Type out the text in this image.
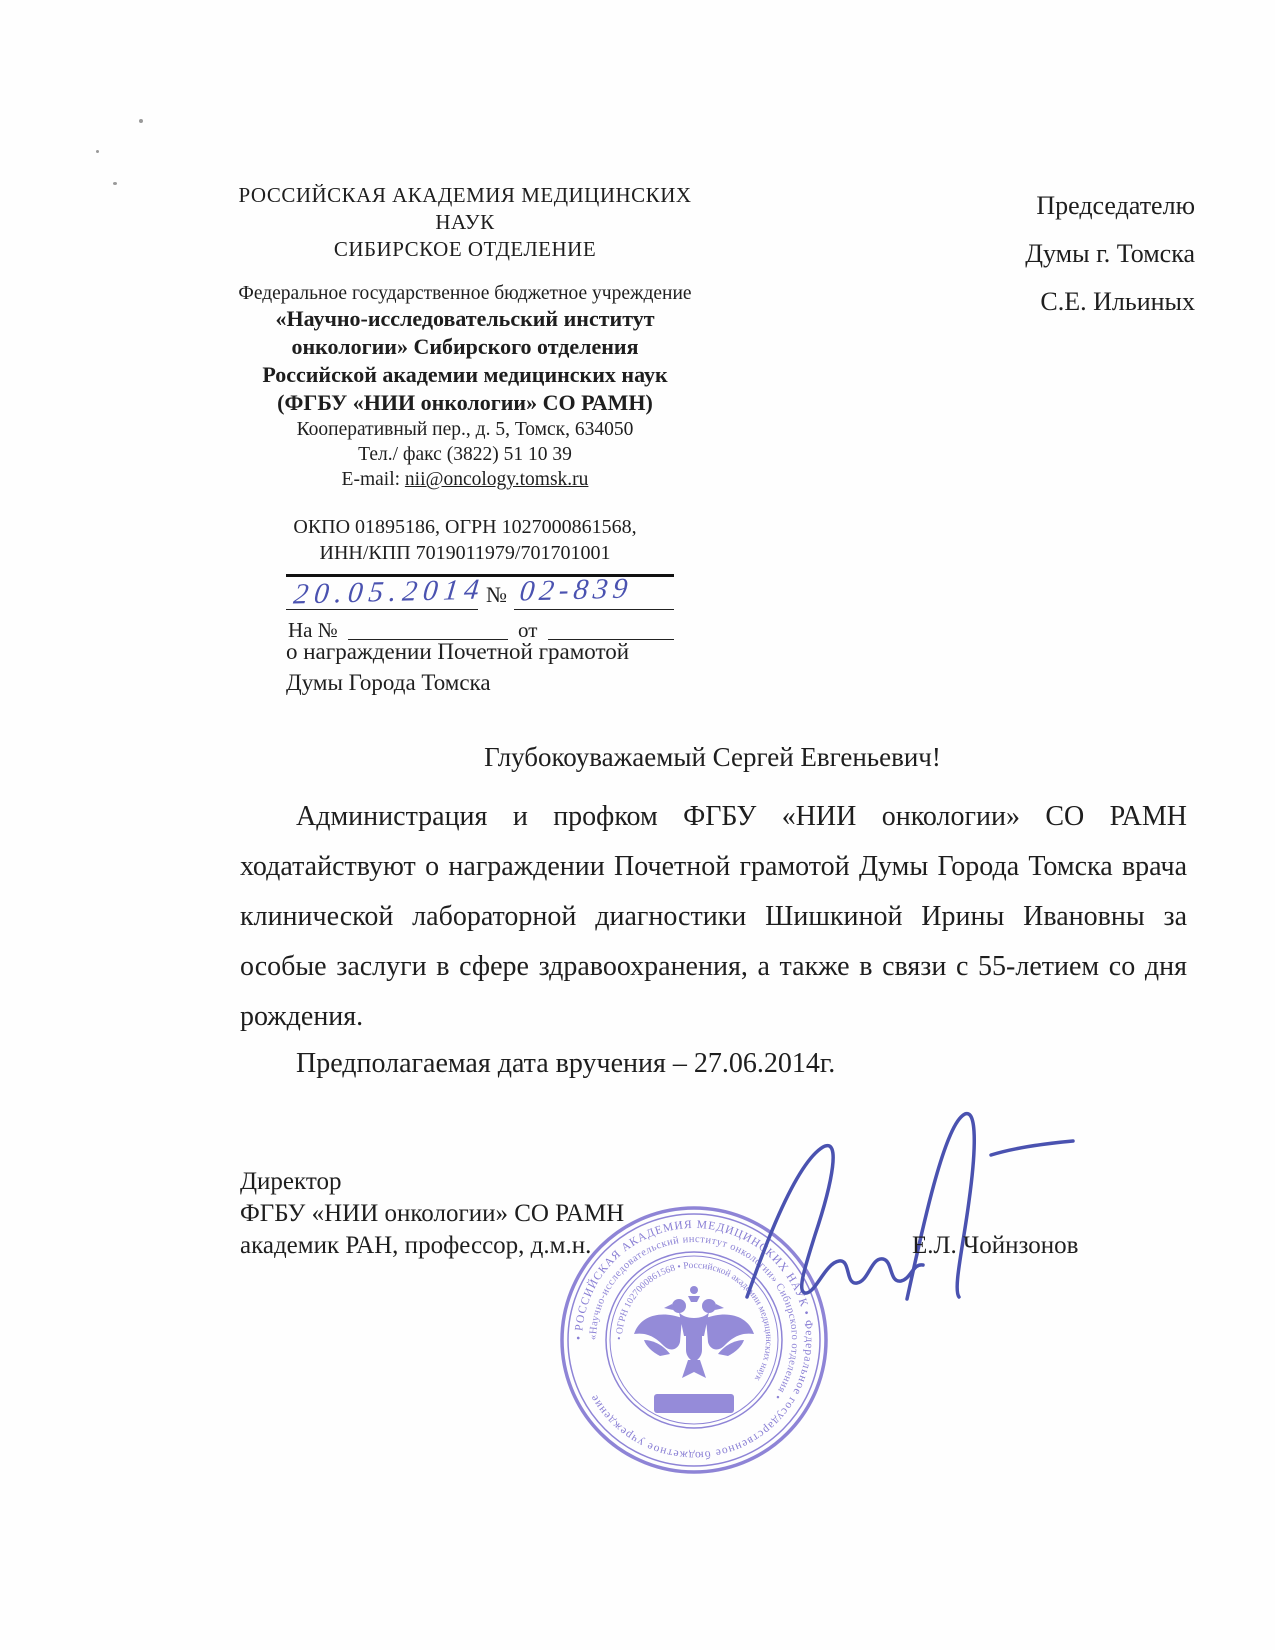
РОССИЙСКАЯ АКАДЕМИЯ МЕДИЦИНСКИХ НАУК
СИБИРСКОЕ ОТДЕЛЕНИЕ
Федеральное государственное бюджетное учреждение
«Научно-исследовательский институт
онкологии» Сибирского отделения
Российской академии медицинских наук
(ФГБУ «НИИ онкологии» СО РАМН)
Кооперативный пер., д. 5, Томск, 634050
Тел./ факс (3822) 51 10 39
E-mail: nii@oncology.tomsk.ru
ОКПО 01895186, ОГРН 1027000861568,
ИНН/КПП 7019011979/701701001
Председателю
Думы г. Томска
С.Е. Ильиных
20.05.2014 № 02-839
На №	от
о награждении Почетной грамотой
Думы Города Томска
Глубокоуважаемый Сергей Евгеньевич!
Администрация и профком ФГБУ «НИИ онкологии» СО РАМН ходатайствуют о награждении Почетной грамотой Думы Города Томска врача клинической лабораторной диагностики Шишкиной Ирины Ивановны за особые заслуги в сфере здравоохранения, а также в связи с 55-летием со дня рождения.
Предполагаемая дата вручения – 27.06.2014г.
Директор
ФГБУ «НИИ онкологии» СО РАМН
академик РАН, профессор, д.м.н.
• РОССИЙСКАЯ АКАДЕМИЯ МЕДИЦИНСКИХ НАУК • Федеральное государственное бюджетное учреждение
«Научно-исследовательский институт онкологии» Сибирского отделения •
• ОГРН 1027000861568 • Российской академии медицинских наук
Е.Л. Чойнзонов
